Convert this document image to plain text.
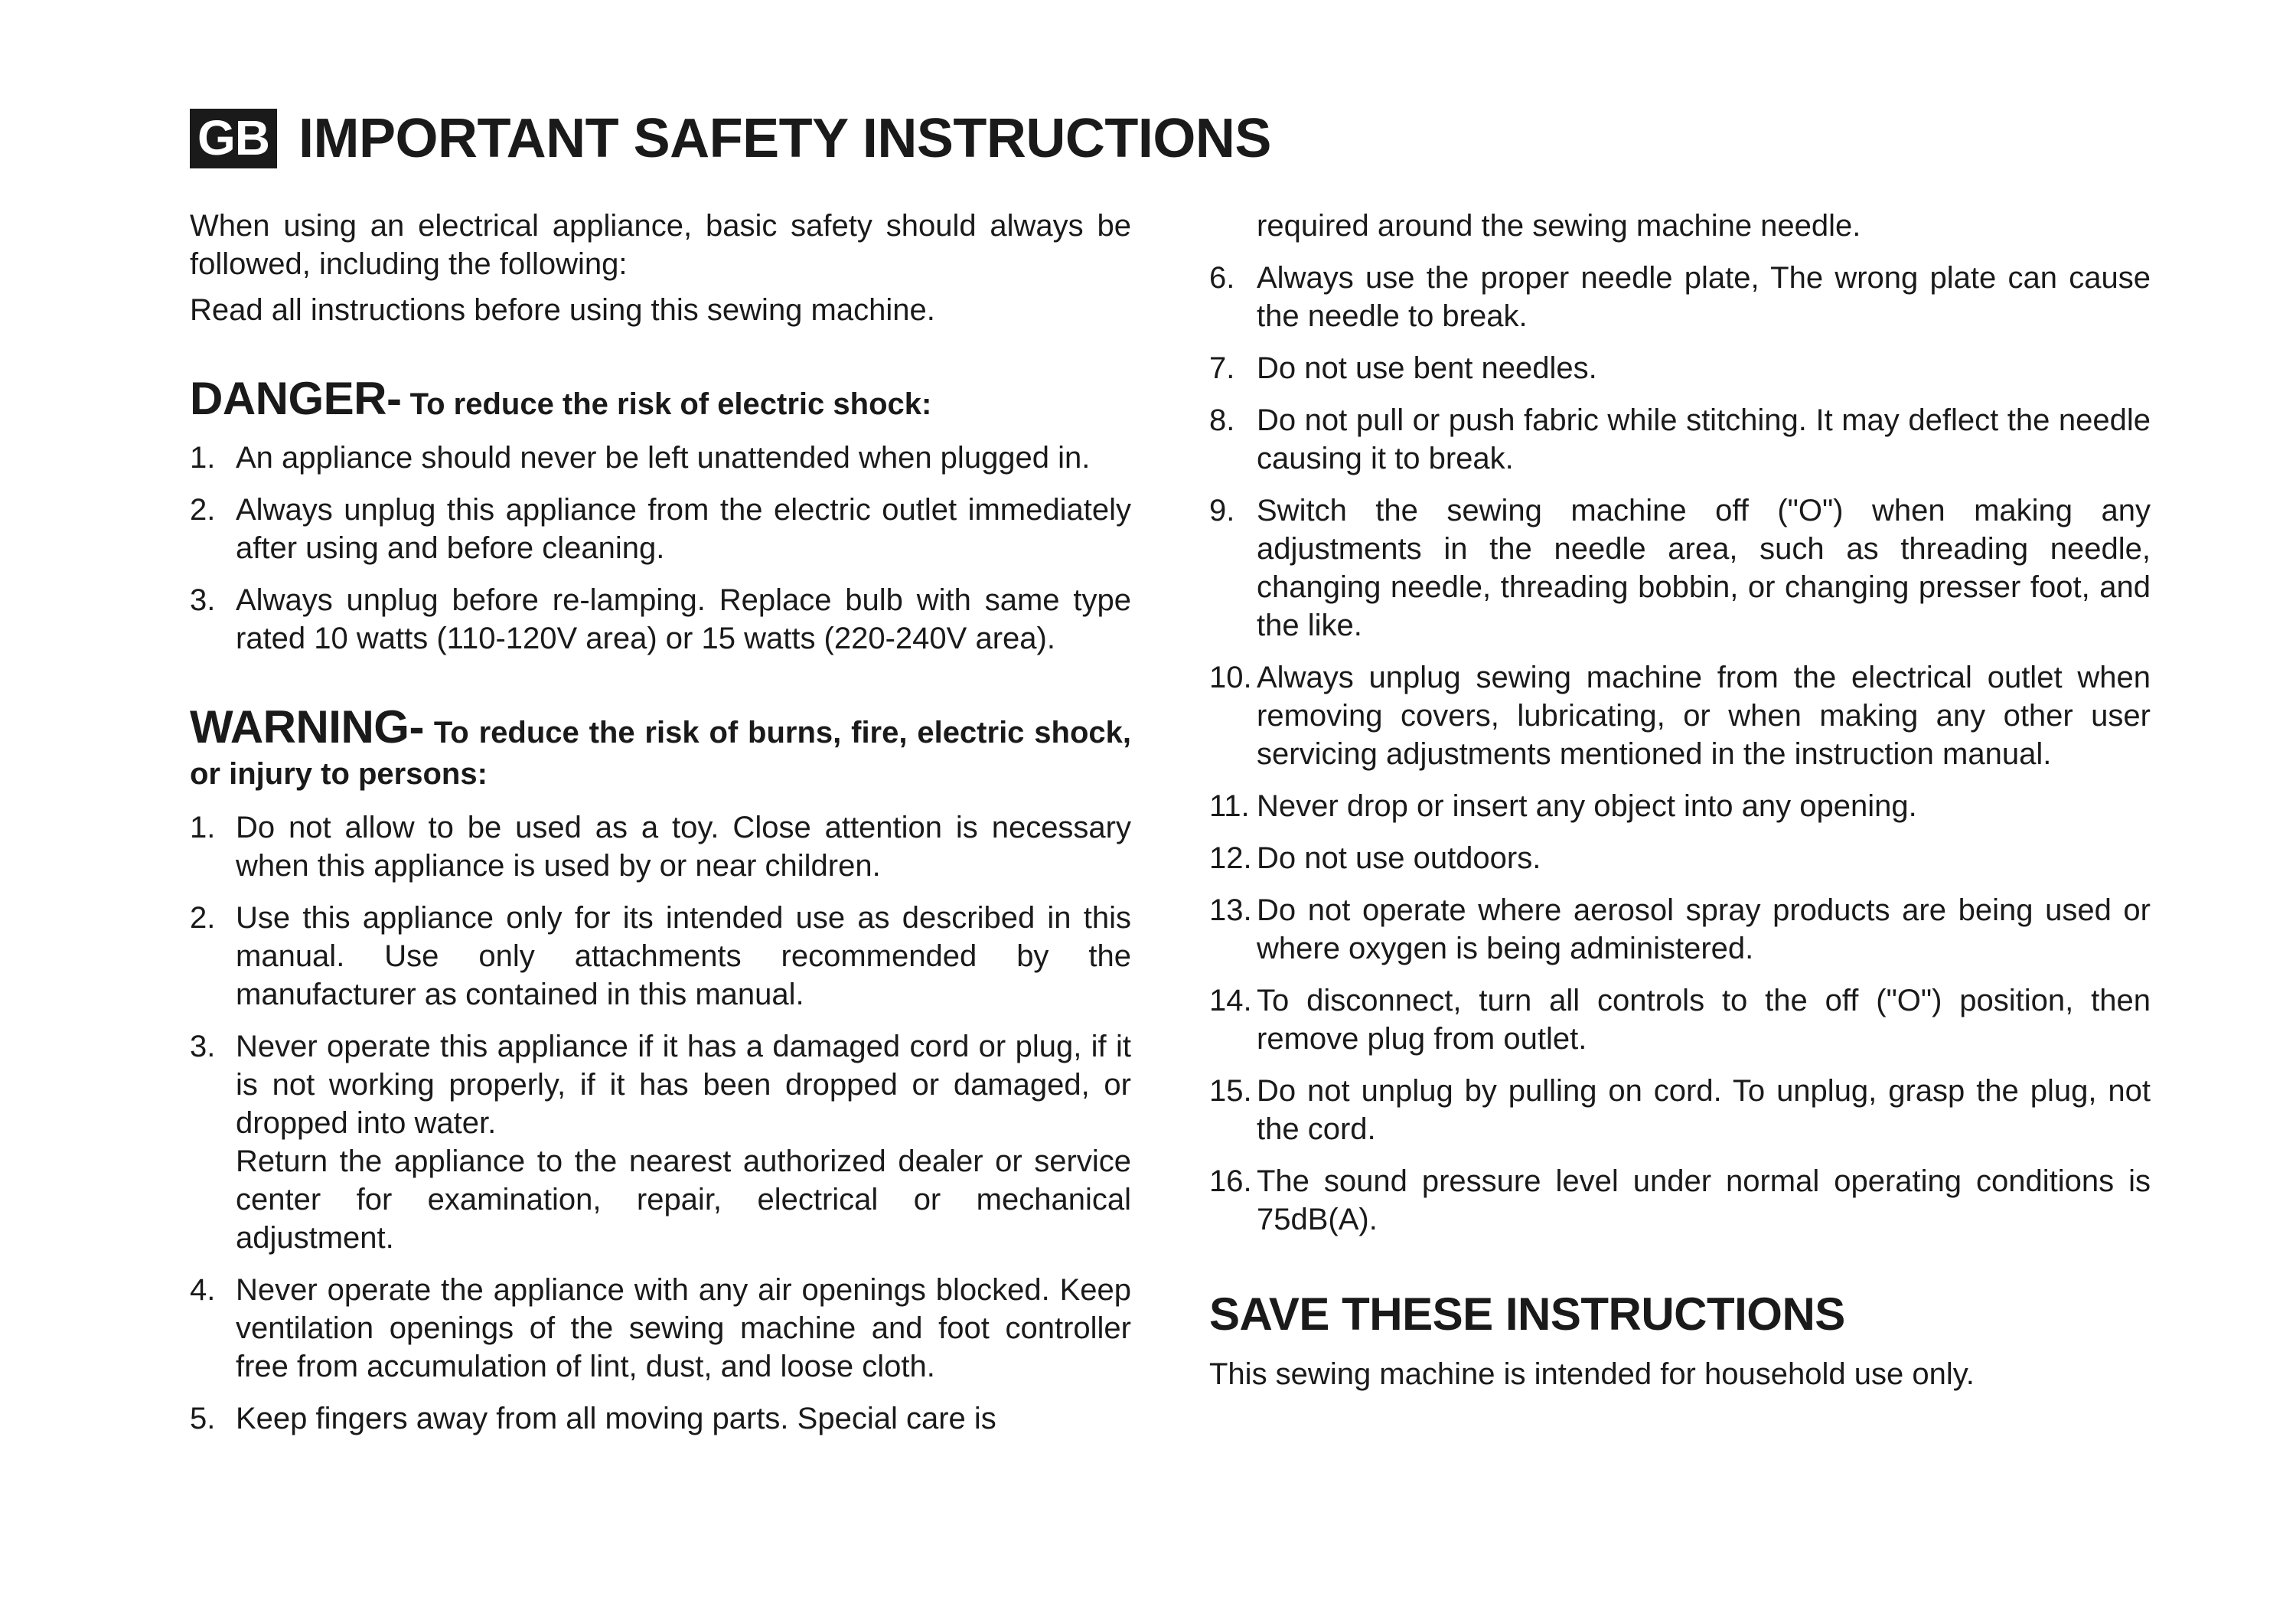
GB IMPORTANT SAFETY INSTRUCTIONS

When using an electrical appliance, basic safety should always be followed, including the following:

Read all instructions before using this sewing machine.

DANGER- To reduce the risk of electric shock:
1. An appliance should never be left unattended when plugged in.
2. Always unplug this appliance from the electric outlet immediately after using and before cleaning.
3. Always unplug before re-lamping. Replace bulb with same type rated 10 watts (110-120V area) or 15 watts (220-240V area).
WARNING- To reduce the risk of burns, fire, electric shock, or injury to persons:
1. Do not allow to be used as a toy. Close attention is necessary when this appliance is used by or near children.
2. Use this appliance only for its intended use as described in this manual. Use only attachments recommended by the manufacturer as contained in this manual.
3. Never operate this appliance if it has a damaged cord or plug, if it is not working properly, if it has been dropped or damaged, or dropped into water.
Return the appliance to the nearest authorized dealer or service center for examination, repair, electrical or mechanical adjustment.
4. Never operate the appliance with any air openings blocked. Keep ventilation openings of the sewing machine and foot controller free from accumulation of lint, dust, and loose cloth.
5. Keep fingers away from all moving parts. Special care is

required around the sewing machine needle.

6. Always use the proper needle plate, The wrong plate can cause the needle to break.
7. Do not use bent needles.
8. Do not pull or push fabric while stitching. It may deflect the needle causing it to break.
9. Switch the sewing machine off ("O") when making any adjustments in the needle area, such as threading needle, changing needle, threading bobbin, or changing presser foot, and the like.
10. Always unplug sewing machine from the electrical outlet when removing covers, lubricating, or when making any other user servicing adjustments mentioned in the instruction manual.
11. Never drop or insert any object into any opening.
12. Do not use outdoors.
13. Do not operate where aerosol spray products are being used or where oxygen is being administered.
14. To disconnect, turn all controls to the off ("O") position, then remove plug from outlet.
15. Do not unplug by pulling on cord. To unplug, grasp the plug, not the cord.
16. The sound pressure level under normal operating conditions is 75dB(A).
SAVE THESE INSTRUCTIONS

This sewing machine is intended for household use only.
